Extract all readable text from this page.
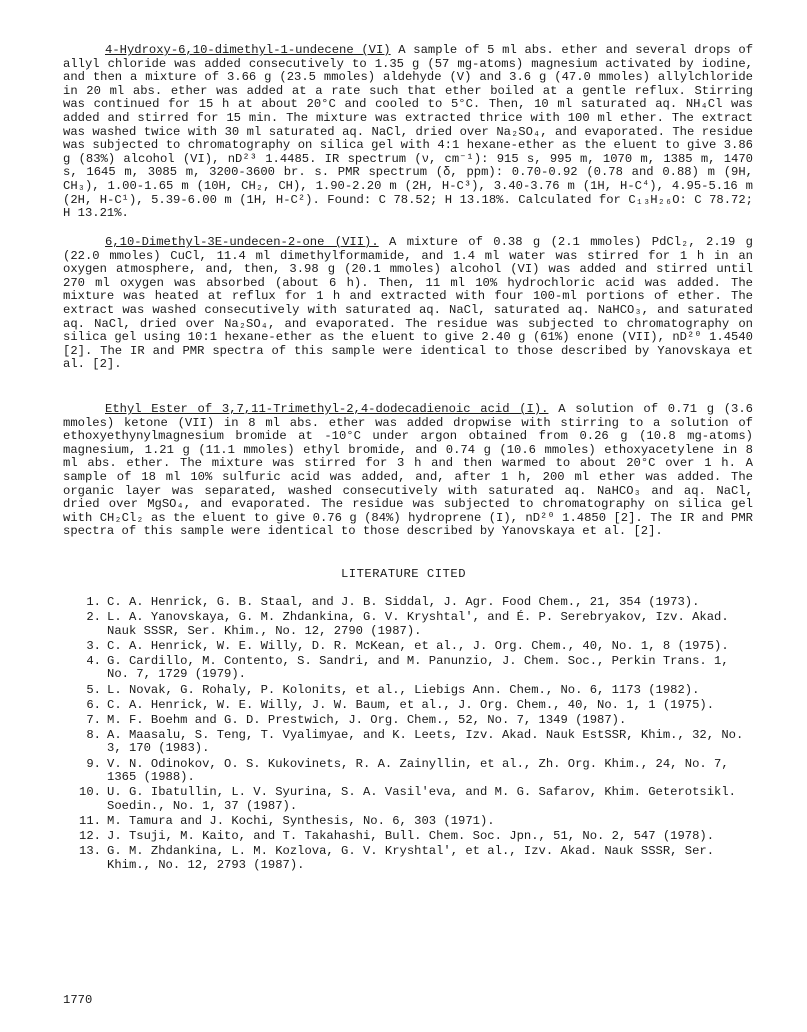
4-Hydroxy-6,10-dimethyl-1-undecene (VI) A sample of 5 ml abs. ether and several drops of allyl chloride was added consecutively to 1.35 g (57 mg-atoms) magnesium activated by iodine, and then a mixture of 3.66 g (23.5 mmoles) aldehyde (V) and 3.6 g (47.0 mmoles) allylchloride in 20 ml abs. ether was added at a rate such that ether boiled at a gentle reflux. Stirring was continued for 15 h at about 20°C and cooled to 5°C. Then, 10 ml saturated aq. NH₄Cl was added and stirred for 15 min. The mixture was extracted thrice with 100 ml ether. The extract was washed twice with 30 ml saturated aq. NaCl, dried over Na₂SO₄, and evaporated. The residue was subjected to chromatography on silica gel with 4:1 hexane-ether as the eluent to give 3.86 g (83%) alcohol (VI), nD²³ 1.4485. IR spectrum (ν, cm⁻¹): 915 s, 995 m, 1070 m, 1385 m, 1470 s, 1645 m, 3085 m, 3200-3600 br. s. PMR spectrum (δ, ppm): 0.70-0.92 (0.78 and 0.88) m (9H, CH₃), 1.00-1.65 m (10H, CH₂, CH), 1.90-2.20 m (2H, H-C³), 3.40-3.76 m (1H, H-C⁴), 4.95-5.16 m (2H, H-C¹), 5.39-6.00 m (1H, H-C²). Found: C 78.52; H 13.18%. Calculated for C₁₃H₂₆O: C 78.72; H 13.21%.

6,10-Dimethyl-3E-undecen-2-one (VII). A mixture of 0.38 g (2.1 mmoles) PdCl₂, 2.19 g (22.0 mmoles) CuCl, 11.4 ml dimethylformamide, and 1.4 ml water was stirred for 1 h in an oxygen atmosphere, and, then, 3.98 g (20.1 mmoles) alcohol (VI) was added and stirred until 270 ml oxygen was absorbed (about 6 h). Then, 11 ml 10% hydrochloric acid was added. The mixture was heated at reflux for 1 h and extracted with four 100-ml portions of ether. The extract was washed consecutively with saturated aq. NaCl, saturated aq. NaHCO₃, and saturated aq. NaCl, dried over Na₂SO₄, and evaporated. The residue was subjected to chromatography on silica gel using 10:1 hexane-ether as the eluent to give 2.40 g (61%) enone (VII), nD²⁰ 1.4540 [2]. The IR and PMR spectra of this sample were identical to those described by Yanovskaya et al. [2].

Ethyl Ester of 3,7,11-Trimethyl-2,4-dodecadienoic acid (I). A solution of 0.71 g (3.6 mmoles) ketone (VII) in 8 ml abs. ether was added dropwise with stirring to a solution of ethoxyethynylmagnesium bromide at -10°C under argon obtained from 0.26 g (10.8 mg-atoms) magnesium, 1.21 g (11.1 mmoles) ethyl bromide, and 0.74 g (10.6 mmoles) ethoxyacetylene in 8 ml abs. ether. The mixture was stirred for 3 h and then warmed to about 20°C over 1 h. A sample of 18 ml 10% sulfuric acid was added, and, after 1 h, 200 ml ether was added. The organic layer was separated, washed consecutively with saturated aq. NaHCO₃ and aq. NaCl, dried over MgSO₄, and evaporated. The residue was subjected to chromatography on silica gel with CH₂Cl₂ as the eluent to give 0.76 g (84%) hydroprene (I), nD²⁰ 1.4850 [2]. The IR and PMR spectra of this sample were identical to those described by Yanovskaya et al. [2].

LITERATURE CITED
1. C. A. Henrick, G. B. Staal, and J. B. Siddal, J. Agr. Food Chem., 21, 354 (1973).
2. L. A. Yanovskaya, G. M. Zhdankina, G. V. Kryshtal', and É. P. Serebryakov, Izv. Akad. Nauk SSSR, Ser. Khim., No. 12, 2790 (1987).
3. C. A. Henrick, W. E. Willy, D. R. McKean, et al., J. Org. Chem., 40, No. 1, 8 (1975).
4. G. Cardillo, M. Contento, S. Sandri, and M. Panunzio, J. Chem. Soc., Perkin Trans. 1, No. 7, 1729 (1979).
5. L. Novak, G. Rohaly, P. Kolonits, et al., Liebigs Ann. Chem., No. 6, 1173 (1982).
6. C. A. Henrick, W. E. Willy, J. W. Baum, et al., J. Org. Chem., 40, No. 1, 1 (1975).
7. M. F. Boehm and G. D. Prestwich, J. Org. Chem., 52, No. 7, 1349 (1987).
8. A. Maasalu, S. Teng, T. Vyalimyae, and K. Leets, Izv. Akad. Nauk EstSSR, Khim., 32, No. 3, 170 (1983).
9. V. N. Odinokov, O. S. Kukovinets, R. A. Zainyllin, et al., Zh. Org. Khim., 24, No. 7, 1365 (1988).
10. U. G. Ibatullin, L. V. Syurina, S. A. Vasil'eva, and M. G. Safarov, Khim. Geterotsikl. Soedin., No. 1, 37 (1987).
11. M. Tamura and J. Kochi, Synthesis, No. 6, 303 (1971).
12. J. Tsuji, M. Kaito, and T. Takahashi, Bull. Chem. Soc. Jpn., 51, No. 2, 547 (1978).
13. G. M. Zhdankina, L. M. Kozlova, G. V. Kryshtal', et al., Izv. Akad. Nauk SSSR, Ser. Khim., No. 12, 2793 (1987).
1770
